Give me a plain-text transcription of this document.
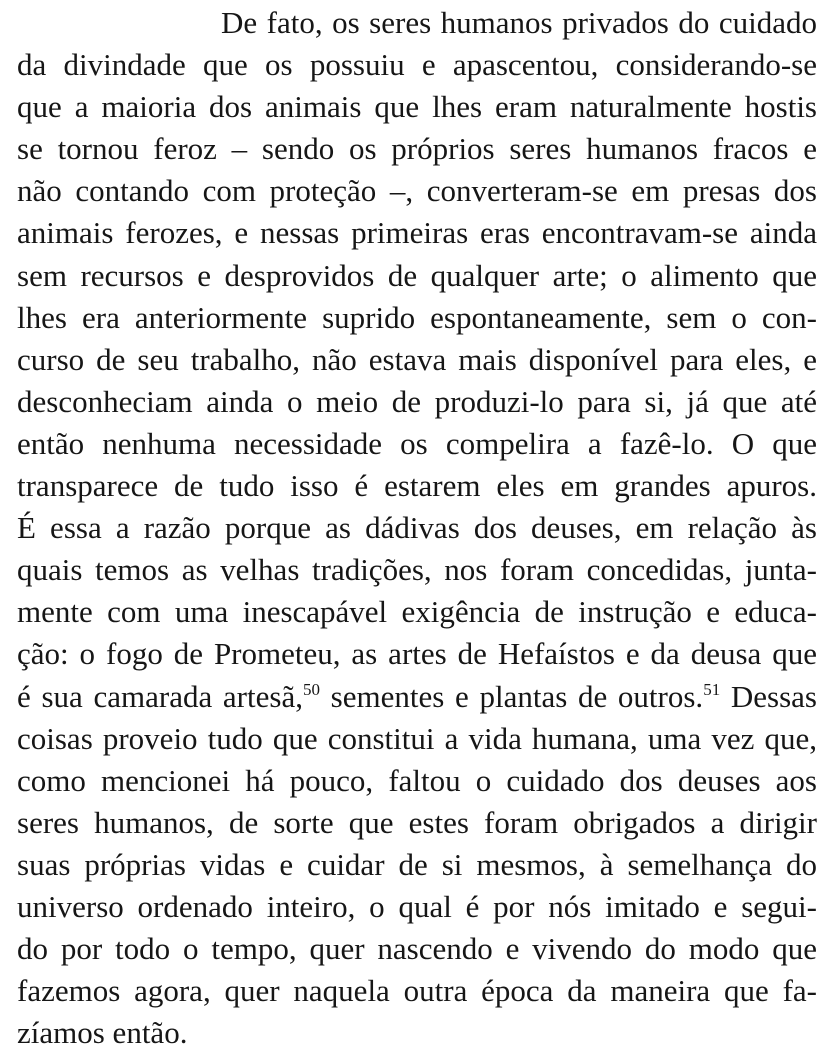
De fato, os seres humanos privados do cuidado
da divindade que os possuiu e apascentou, considerando-se
que a maioria dos animais que lhes eram naturalmente hostis
se tornou feroz – sendo os próprios seres humanos fracos e
não contando com proteção –, converteram-se em presas dos
animais ferozes, e nessas primeiras eras encontravam-se ainda
sem recursos e desprovidos de qualquer arte; o alimento que
lhes era anteriormente suprido espontaneamente, sem o con-
curso de seu trabalho, não estava mais disponível para eles, e
desconheciam ainda o meio de produzi-lo para si, já que até
então nenhuma necessidade os compelira a fazê-lo. O que
transparece de tudo isso é estarem eles em grandes apuros.
É essa a razão porque as dádivas dos deuses, em relação às
quais temos as velhas tradições, nos foram concedidas, junta-
mente com uma inescapável exigência de instrução e educa-
ção: o fogo de Prometeu, as artes de Hefaístos e da deusa que
é sua camarada artesã,$^{50}$ sementes e plantas de outros.$^{51}$ Dessas
coisas proveio tudo que constitui a vida humana, uma vez que,
como mencionei há pouco, faltou o cuidado dos deuses aos
seres humanos, de sorte que estes foram obrigados a dirigir
suas próprias vidas e cuidar de si mesmos, à semelhança do
universo ordenado inteiro, o qual é por nós imitado e segui-
do por todo o tempo, quer nascendo e vivendo do modo que
fazemos agora, quer naquela outra época da maneira que fa-
zíamos então.
